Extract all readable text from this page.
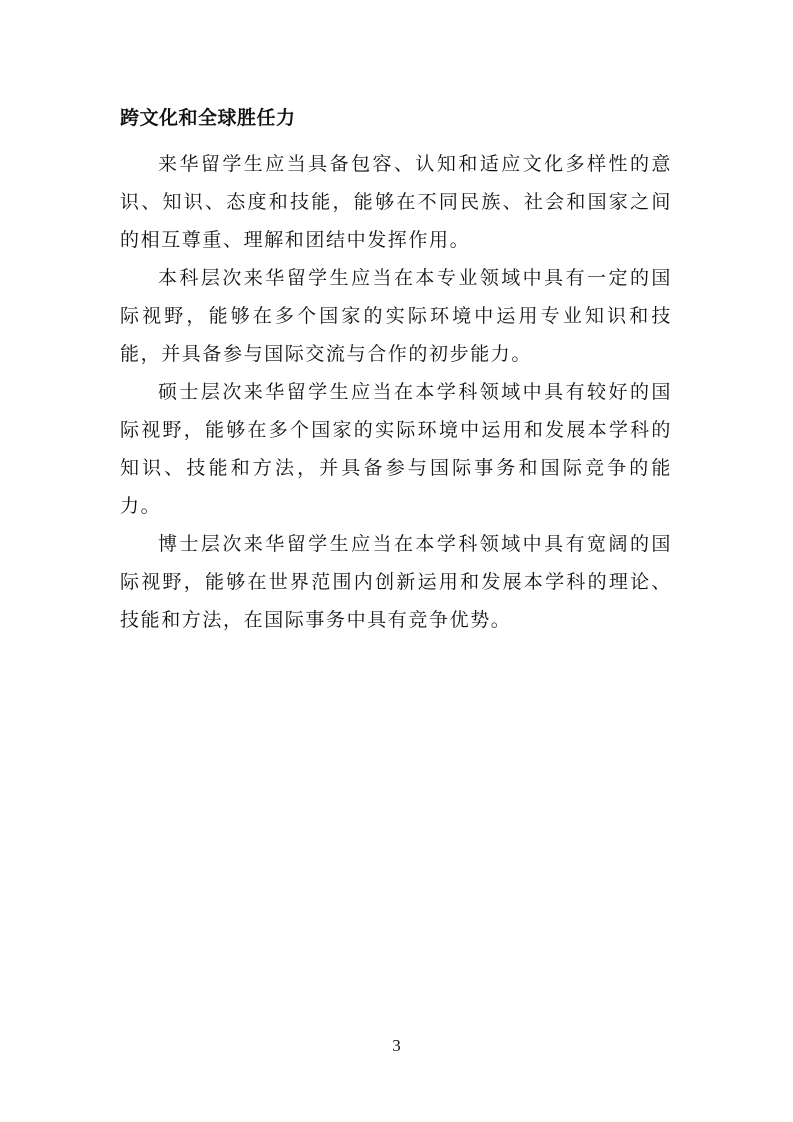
跨文化和全球胜任力

来华留学生应当具备包容、认知和适应文化多样性的意识、知识、态度和技能，能够在不同民族、社会和国家之间的相互尊重、理解和团结中发挥作用。

本科层次来华留学生应当在本专业领域中具有一定的国际视野，能够在多个国家的实际环境中运用专业知识和技能，并具备参与国际交流与合作的初步能力。

硕士层次来华留学生应当在本学科领域中具有较好的国际视野，能够在多个国家的实际环境中运用和发展本学科的知识、技能和方法，并具备参与国际事务和国际竞争的能力。

博士层次来华留学生应当在本学科领域中具有宽阔的国际视野，能够在世界范围内创新运用和发展本学科的理论、技能和方法，在国际事务中具有竞争优势。

3
